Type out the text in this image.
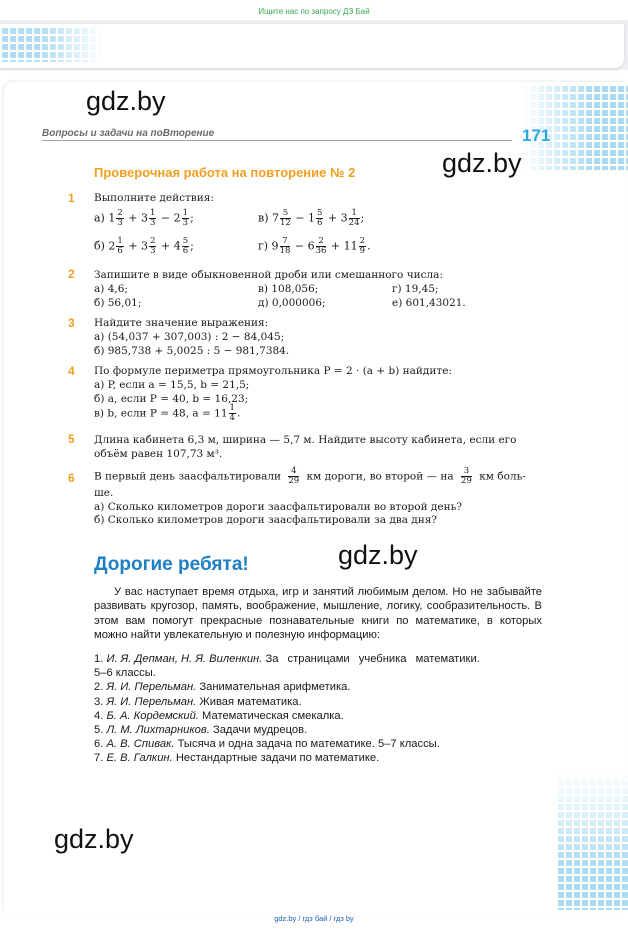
Ищите нас по запросу ДЗ Бай
gdz.by
gdz.by
gdz.by
gdz.by
Вопросы и задачи на поВторение	171
Проверочная работа на повторение № 2
1 Выполните действия:
а) $1 \frac{2}{3} + 3 \frac{1}{3} - 2 \frac{1}{3}$ ;	в) $7 \frac{5}{12} - 1 \frac{5}{6} + 3 \frac{1}{24}$ ;
б) $2 \frac{1}{6} + 3 \frac{2}{3} + 4 \frac{5}{6}$ ;	г) $9 \frac{7}{18} - 6 \frac{2}{36} + 11 \frac{2}{9}$ .
2 Запишите в виде обыкновенной дроби или смешанного числа:
а) 4,6;	в) 108,056;	г) 19,45;
б) 56,01;	д) 0,000006;	е) 601,43021.
3 Найдите значение выражения:
а) (54,037 + 307,003) : 2 − 84,045;
б) 985,738 + 5,0025 : 5 − 981,7384.
4 По формуле периметра прямоугольника P = 2 · (a + b) найдите:
а) P, если a = 15,5, b = 21,5;
б) a, если P = 40, b = 16,23;
в) b, если P = 48, $a = 11 \frac{1}{4}$ .
5 Длина кабинета 6,3 м, ширина — 5,7 м. Найдите высоту кабинета, если его
объём равен 107,73 м³.
6 В первый день заасфальтировали $\frac{4}{29}$ км дороги, во второй — на $\frac{3}{29}$ км боль-
ше.
а) Сколько километров дороги заасфальтировали во второй день?
б) Сколько километров дороги заасфальтировали за два дня?
Дорогие ребята!
У вас наступает время отдыха, игр и занятий любимым делом. Но не забывайте развивать кругозор, память, воображение, мышление, логику, сообразительность. В этом вам помогут прекрасные познавательные книги по математике, в которых можно найти увлекательную и полезную информацию:
1. И. Я. Депман, Н. Я. Виленкин. За страницами учебника математики.
5–6 классы.
2. Я. И. Перельман. Занимательная арифметика.
3. Я. И. Перельман. Живая математика.
4. Б. А. Кордемский. Математическая смекалка.
5. Л. М. Лихтарников. Задачи мудрецов.
6. А. В. Спивак. Тысяча и одна задача по математике. 5–7 классы.
7. Е. В. Галкин. Нестандартные задачи по математике.
gdz.by / гдз бай / гдз by
